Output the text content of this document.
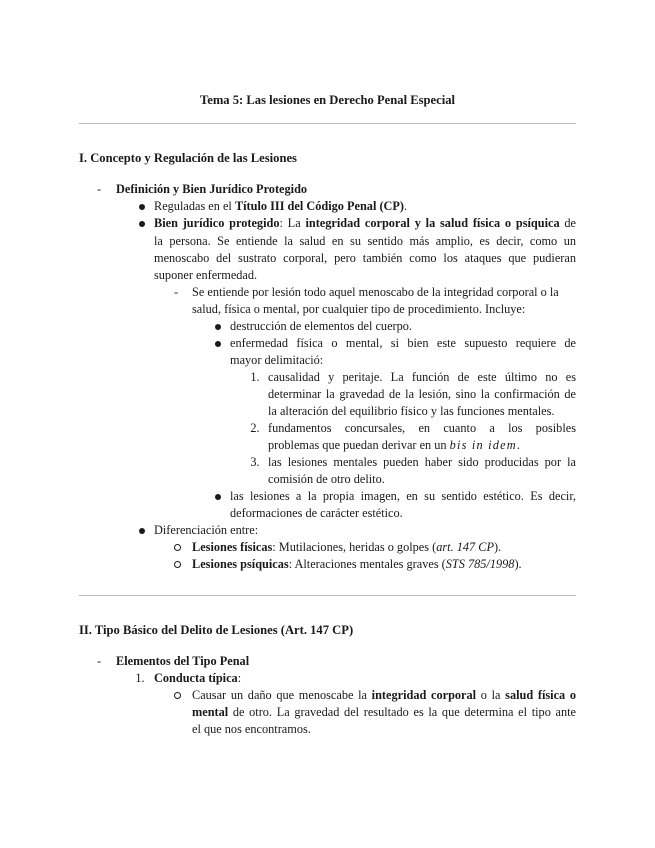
Tema 5: Las lesiones en Derecho Penal Especial
I. Concepto y Regulación de las Lesiones
- Definición y Bien Jurídico Protegido
Reguladas en el Título III del Código Penal (CP).
Bien jurídico protegido: La integridad corporal y la salud física o psíquica de
la persona. Se entiende la salud en su sentido más amplio, es decir, como un
menoscabo del sustrato corporal, pero también como los ataques que pudieran
suponer enfermedad.
- Se entiende por lesión todo aquel menoscabo de la integridad corporal o la
salud, física o mental, por cualquier tipo de procedimiento. Incluye:
destrucción de elementos del cuerpo.
enfermedad física o mental, si bien este supuesto requiere de
mayor delimitació:
1. causalidad y peritaje. La función de este último no es
determinar la gravedad de la lesión, sino la confirmación de
la alteración del equilibrio físico y las funciones mentales.
2. fundamentos concursales, en cuanto a los posibles
problemas que puedan derivar en un bis in idem.
3. las lesiones mentales pueden haber sido producidas por la
comisión de otro delito.
las lesiones a la propia imagen, en su sentido estético. Es decir,
deformaciones de carácter estético.
Diferenciación entre:
Lesiones físicas: Mutilaciones, heridas o golpes (art. 147 CP).
Lesiones psíquicas: Alteraciones mentales graves (STS 785/1998).
II. Tipo Básico del Delito de Lesiones (Art. 147 CP)
- Elementos del Tipo Penal
1. Conducta típica:
Causar un daño que menoscabe la integridad corporal o la salud física o
mental de otro. La gravedad del resultado es la que determina el tipo ante
el que nos encontramos.
